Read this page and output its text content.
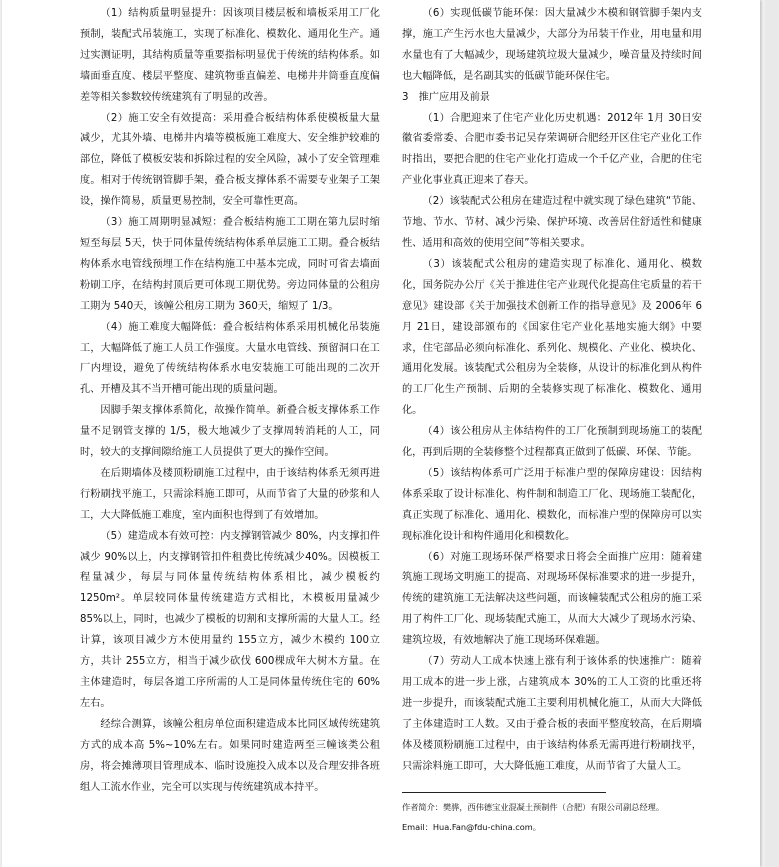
（1）结构质量明显提升：因该项目楼层板和墙板采用工厂化预制，装配式吊装施工，实现了标准化、模数化、通用化生产。通过实测证明，其结构质量等重要指标明显优于传统的结构体系。如墙面垂直度、楼层平整度、建筑物垂直偏差、电梯井井筒垂直度偏差等相关参数较传统建筑有了明显的改善。

（2）施工安全有效提高：采用叠合板结构体系使模板量大量减少，尤其外墙、电梯井内墙等模板施工难度大、安全维护较难的部位，降低了模板安装和拆除过程的安全风险，减小了安全管理难度。相对于传统钢管脚手架，叠合板支撑体系不需要专业架子工架设，操作简易，质量更易控制，安全可靠性更高。

（3）施工周期明显减短：叠合板结构施工工期在第九层时缩短至每层 5天，快于同体量传统结构体系单层施工工期。叠合板结构体系水电管线预埋工作在结构施工中基本完成，同时可省去墙面粉刷工序，在结构封顶后更可体现工期优势。旁边同体量的公租房工期为 540天，该幢公租房工期为 360天，缩短了 1/3。

（4）施工难度大幅降低：叠合板结构体系采用机械化吊装施工，大幅降低了施工人员工作强度。大量水电管线、预留洞口在工厂内埋设，避免了传统结构体系水电安装施工可能出现的二次开孔、开槽及其不当开槽可能出现的质量问题。

因脚手架支撑体系简化，故操作简单。新叠合板支撑体系工作量不足钢管支撑的 1/5，极大地减少了支撑周转消耗的人工，同时，较大的支撑间隙给施工人员提供了更大的操作空间。

在后期墙体及楼顶粉刷施工过程中，由于该结构体系无须再进行粉刷找平施工，只需涂料施工即可，从而节省了大量的砂浆和人工，大大降低施工难度，室内面积也得到了有效增加。

（5）建造成本有效可控：内支撑钢管减少 80%，内支撑扣件减少 90%以上，内支撑钢管扣件租费比传统减少40%。因模板工程量减少，每层与同体量传统结构体系相比，减少模板约 1250m²。单层较同体量传统建造方式相比，木模板用量减少 85%以上，同时，也减少了模板的切割和支撑所需的大量人工。经计算，该项目减少方木使用量约 155立方，减少木模约 100立方，共计 255立方，相当于减少砍伐 600棵成年大树木方量。在主体建造时，每层各道工序所需的人工是同体量传统住宅的 60%左右。

经综合测算，该幢公租房单位面积建造成本比同区域传统建筑方式的成本高 5%~10%左右。如果同时建造两至三幢该类公租房，将会摊薄项目管理成本、临时设施投入成本以及合理安排各班组人工流水作业，完全可以实现与传统建筑成本持平。

（6）实现低碳节能环保：因大量减少木模和钢管脚手架内支撑，施工产生污水也大量减少，大部分为吊装干作业，用电量和用水量也有了大幅减少，现场建筑垃圾大量减少，噪音量及持续时间也大幅降低，是名副其实的低碳节能环保住宅。

3　推广应用及前景

（1）合肥迎来了住宅产业化历史机遇：2012年 1月 30日安徽省委常委、合肥市委书记吴存荣调研合肥经开区住宅产业化工作时指出，要把合肥的住宅产业化打造成一个千亿产业，合肥的住宅产业化事业真正迎来了春天。

（2）该装配式公租房在建造过程中就实现了绿色建筑“节能、节地、节水、节材、减少污染、保护环境、改善居住舒适性和健康性、适用和高效的使用空间”等相关要求。

（3）该装配式公租房的建造实现了标准化、通用化、模数化，国务院办公厅《关于推进住宅产业现代化提高住宅质量的若干意见》建设部《关于加强技术创新工作的指导意见》及 2006年 6月 21日，建设部颁布的《国家住宅产业化基地实施大纲》中要求，住宅部品必须向标准化、系列化、规模化、产业化、模块化、通用化发展。该装配式公租房为全装修，从设计的标准化到从构件的工厂化生产预制、后期的全装修实现了标准化、模数化、通用化。

（4）该公租房从主体结构件的工厂化预制到现场施工的装配化，再到后期的全装修整个过程都真正做到了低碳、环保、节能。

（5）该结构体系可广泛用于标准户型的保障房建设：因结构体系采取了设计标准化、构件制和制造工厂化、现场施工装配化，真正实现了标准化、通用化、模数化，而标准户型的保障房可以实现标准化设计和构件通用化和模数化。

（6）对施工现场环保严格要求日将会全面推广应用：随着建筑施工现场文明施工的提高、对现场环保标准要求的进一步提升，传统的建筑施工无法解决这些问题，而该幢装配式公租房的施工采用了构件工厂化、现场装配式施工，从而大大减少了现场水污染、建筑垃圾，有效地解决了施工现场环保难题。

（7）劳动人工成本快速上涨有利于该体系的快速推广：随着用工成本的进一步上涨，占建筑成本 30%的工人工资的比重还将进一步提升，而该装配式施工主要利用机械化施工，从而大大降低了主体建造时工人数。又由于叠合板的表面平整度较高，在后期墙体及楼顶粉刷施工过程中，由于该结构体系无需再进行粉刷找平，只需涂料施工即可，大大降低施工难度，从而节省了大量人工。

作者简介：樊骅，西伟德宝业混凝土预制件（合肥）有限公司副总经理。

Email：Hua.Fan@fdu-china.com。
